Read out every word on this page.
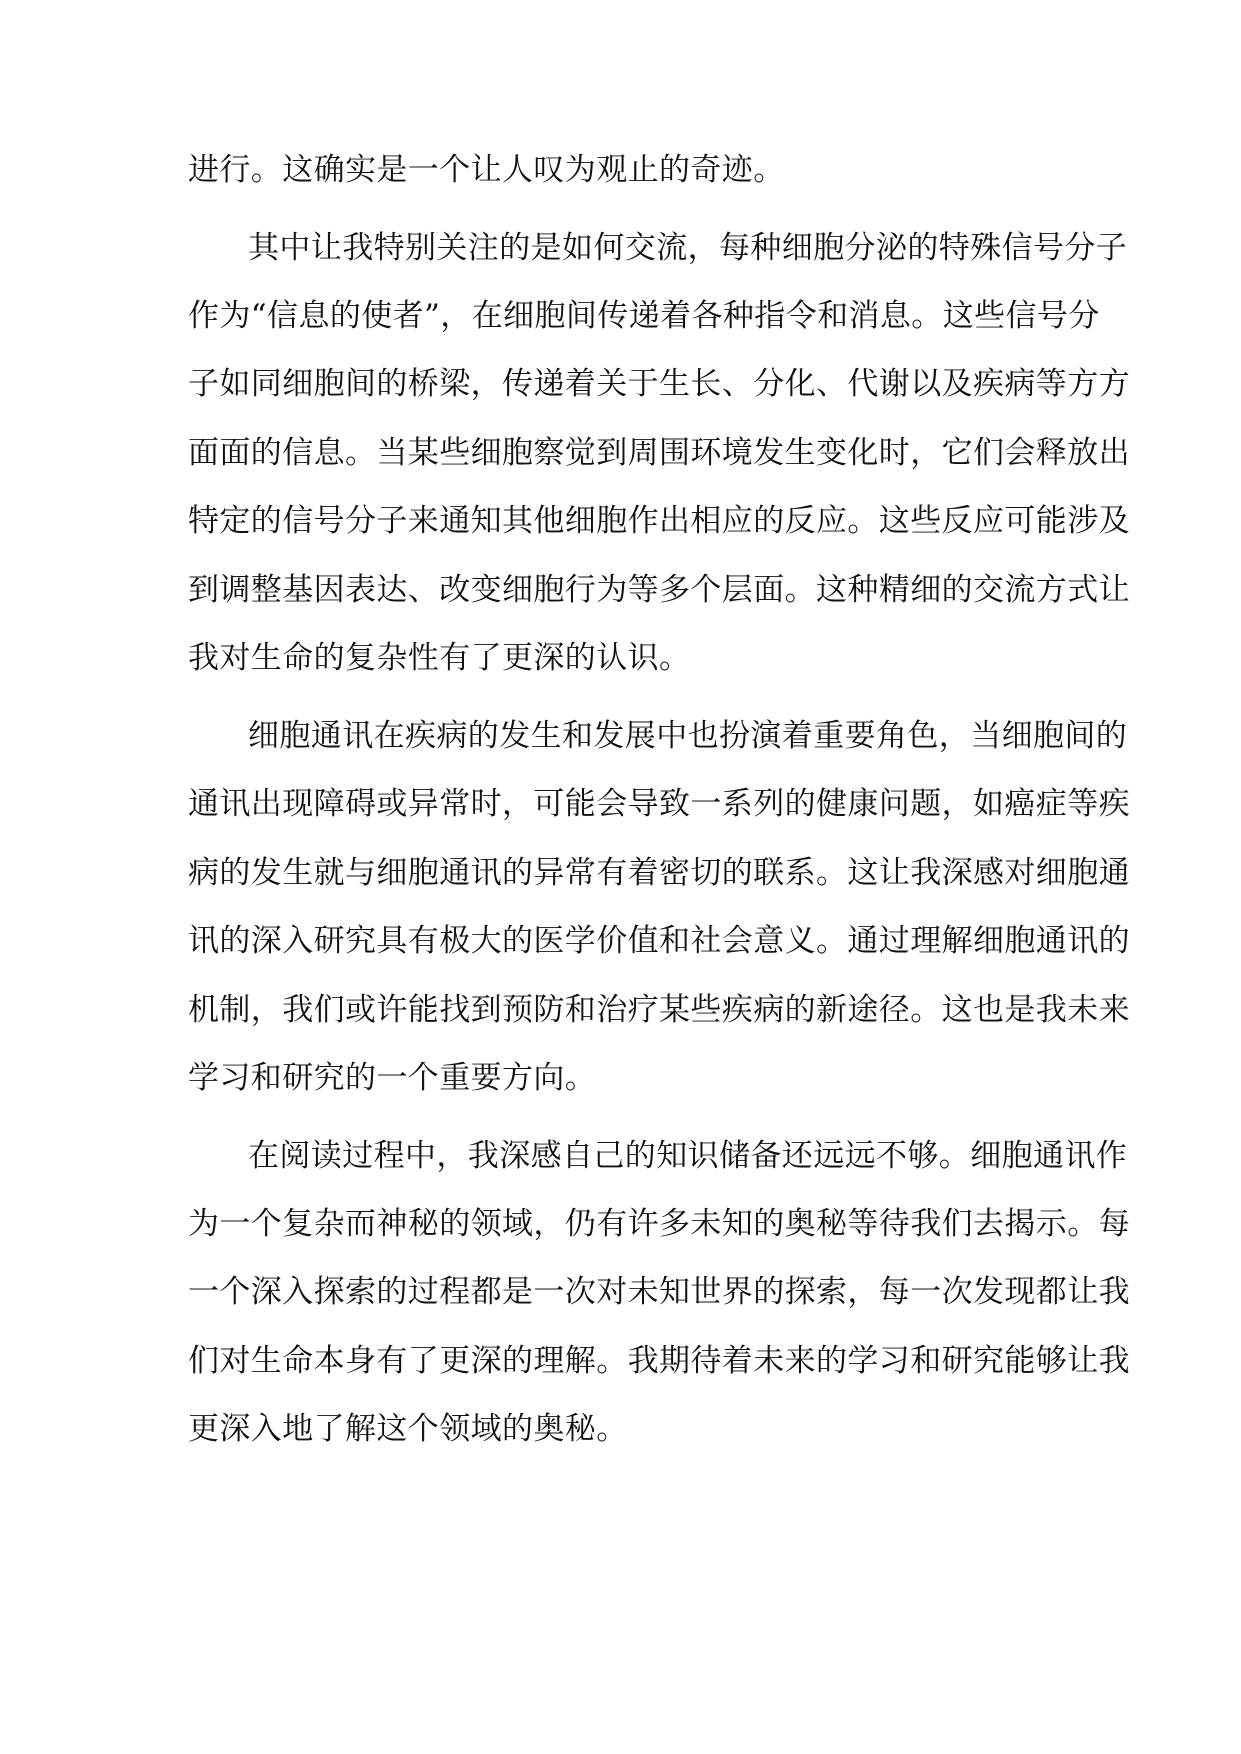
进行。这确实是一个让人叹为观止的奇迹。

其中让我特别关注的是如何交流，每种细胞分泌的特殊信号分子

作为“信息的使者”，在细胞间传递着各种指令和消息。这些信号分

子如同细胞间的桥梁，传递着关于生长、分化、代谢以及疾病等方方

面面的信息。当某些细胞察觉到周围环境发生变化时，它们会释放出

特定的信号分子来通知其他细胞作出相应的反应。这些反应可能涉及

到调整基因表达、改变细胞行为等多个层面。这种精细的交流方式让

我对生命的复杂性有了更深的认识。

细胞通讯在疾病的发生和发展中也扮演着重要角色，当细胞间的

通讯出现障碍或异常时，可能会导致一系列的健康问题，如癌症等疾

病的发生就与细胞通讯的异常有着密切的联系。这让我深感对细胞通

讯的深入研究具有极大的医学价值和社会意义。通过理解细胞通讯的

机制，我们或许能找到预防和治疗某些疾病的新途径。这也是我未来

学习和研究的一个重要方向。

在阅读过程中，我深感自己的知识储备还远远不够。细胞通讯作

为一个复杂而神秘的领域，仍有许多未知的奥秘等待我们去揭示。每

一个深入探索的过程都是一次对未知世界的探索，每一次发现都让我

们对生命本身有了更深的理解。我期待着未来的学习和研究能够让我

更深入地了解这个领域的奥秘。
